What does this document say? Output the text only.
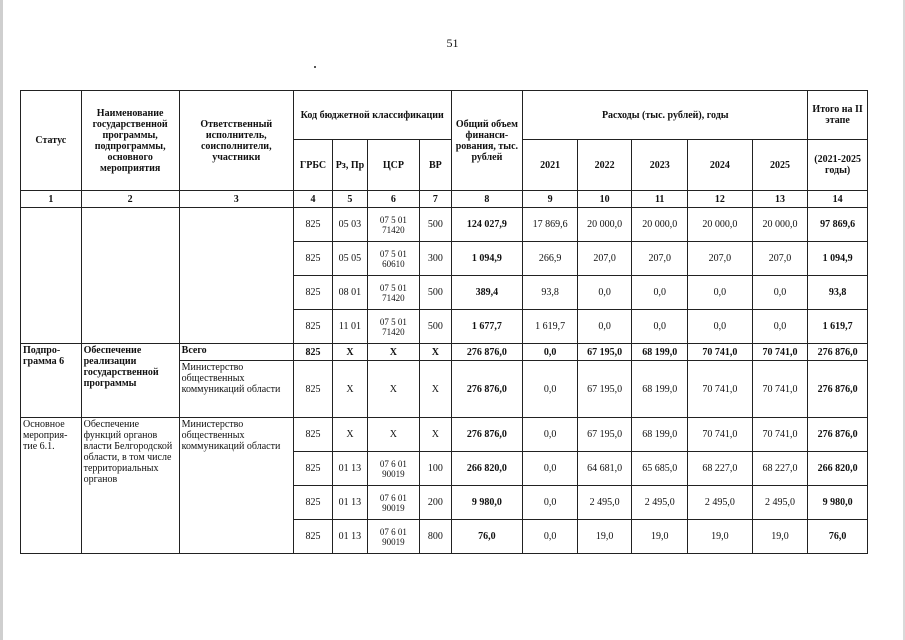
51
Статус	Наименование государственной программы, подпрограммы, основного мероприятия	Ответственный исполнитель, соисполнители, участники	Код бюджетной классификации				Общий объем финанси-рования, тыс. рублей	Расходы (тыс. рублей), годы					Итого на II этапе
			ГРБС	Рз, Пр	ЦСР	ВР		2021	2022	2023	2024	2025	(2021-2025 годы)
1	2	3	4	5	6	7	8	9	10	11	12	13	14
			825	05 03	07 5 01 71420	500	124 027,9	17 869,6	20 000,0	20 000,0	20 000,0	20 000,0	97 869,6
			825	05 05	07 5 01 60610	300	1 094,9	266,9	207,0	207,0	207,0	207,0	1 094,9
			825	08 01	07 5 01 71420	500	389,4	93,8	0,0	0,0	0,0	0,0	93,8
			825	11 01	07 5 01 71420	500	1 677,7	1 619,7	0,0	0,0	0,0	0,0	1 619,7
Подпро-грамма 6	Обеспечение реализации государственной программы	Всего	825	X	X	X	276 876,0	0,0	67 195,0	68 199,0	70 741,0	70 741,0	276 876,0
		Министерство общественных коммуникаций области	825	X	X	X	276 876,0	0,0	67 195,0	68 199,0	70 741,0	70 741,0	276 876,0
Основное мероприя-тие 6.1.	Обеспечение функций органов власти Белгородской области, в том числе территориальных органов	Министерство общественных коммуникаций области	825	X	X	X	276 876,0	0,0	67 195,0	68 199,0	70 741,0	70 741,0	276 876,0
			825	01 13	07 6 01 90019	100	266 820,0	0,0	64 681,0	65 685,0	68 227,0	68 227,0	266 820,0
			825	01 13	07 6 01 90019	200	9 980,0	0,0	2 495,0	2 495,0	2 495,0	2 495,0	9 980,0
			825	01 13	07 6 01 90019	800	76,0	0,0	19,0	19,0	19,0	19,0	76,0
